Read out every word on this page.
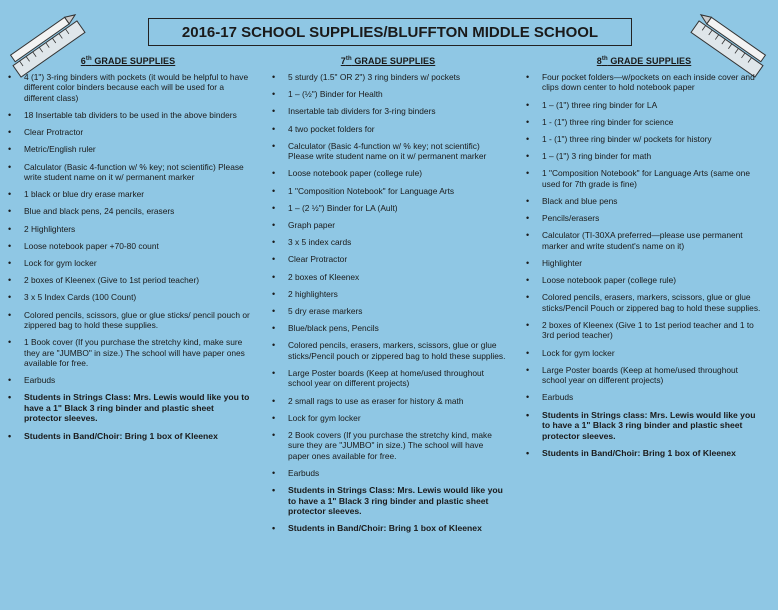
2016-17 SCHOOL SUPPLIES/BLUFFTON MIDDLE SCHOOL
6th GRADE SUPPLIES
• 4 (1") 3-ring binders with pockets (it would be helpful to have different color binders because each will be used for a different class)
• 18 Insertable tab dividers to be used in the above binders
• Clear Protractor
• Metric/English ruler
• Calculator (Basic 4-function w/ % key; not scientific) Please write student name on it w/ permanent marker
• 1 black or blue dry erase marker
• Blue and black pens, 24 pencils, erasers
• 2 Highlighters
• Loose notebook paper +70-80 count
• Lock for gym locker
• 2 boxes of Kleenex (Give to 1st period teacher)
• 3 x 5 Index Cards (100 Count)
• Colored pencils, scissors, glue or glue sticks/ pencil pouch or zippered bag to hold these supplies.
• 1 Book cover (If you purchase the stretchy kind, make sure they are "JUMBO" in size.) The school will have paper ones available for free.
• Earbuds
• Students in Strings Class: Mrs. Lewis would like you to have a 1" Black 3 ring binder and plastic sheet protector sleeves.
• Students in Band/Choir: Bring 1 box of Kleenex
7th GRADE SUPPLIES
• 5 sturdy (1.5" OR 2") 3 ring binders w/ pockets
• 1 – (½") Binder for Health
• Insertable tab dividers for 3-ring binders
• 4 two pocket folders for
• Calculator (Basic 4-function w/ % key; not scientific) Please write student name on it w/ permanent marker
• Loose notebook paper (college rule)
• 1 "Composition Notebook" for Language Arts
• 1 – (2 ½") Binder for LA (Ault)
• Graph paper
• 3 x 5 index cards
• Clear Protractor
• 2 boxes of Kleenex
• 2 highlighters
• 5 dry erase markers
• Blue/black pens, Pencils
• Colored pencils, erasers, markers, scissors, glue or glue sticks/Pencil pouch or zippered bag to hold these supplies.
• Large Poster boards (Keep at home/used throughout school year on different projects)
• 2 small rags to use as eraser for history & math
• Lock for gym locker
• 2 Book covers (If you purchase the stretchy kind, make sure they are "JUMBO" in size.) The school will have paper ones available for free.
• Earbuds
• Students in Strings Class: Mrs. Lewis would like you to have a 1" Black 3 ring binder and plastic sheet protector sleeves.
• Students in Band/Choir: Bring 1 box of Kleenex
8th GRADE SUPPLIES
• Four pocket folders—w/pockets on each inside cover and clips down center to hold notebook paper
• 1 – (1") three ring binder for LA
• 1 - (1") three ring binder for science
• 1 - (1") three ring binder w/ pockets for history
• 1 – (1") 3 ring binder for math
• 1 "Composition Notebook" for Language Arts (same one used for 7th grade is fine)
• Black and blue pens
• Pencils/erasers
• Calculator (TI-30XA preferred—please use permanent marker and write student's name on it)
• Highlighter
• Loose notebook paper (college rule)
• Colored pencils, erasers, markers, scissors, glue or glue sticks/Pencil Pouch or zippered bag to hold these supplies.
• 2 boxes of Kleenex (Give 1 to 1st period teacher and 1 to 3rd period teacher)
• Lock for gym locker
• Large Poster boards (Keep at home/used throughout school year on different projects)
• Earbuds
• Students in Strings class: Mrs. Lewis would like you to have a 1" Black 3 ring binder and plastic sheet protector sleeves.
• Students in Band/Choir: Bring 1 box of Kleenex
